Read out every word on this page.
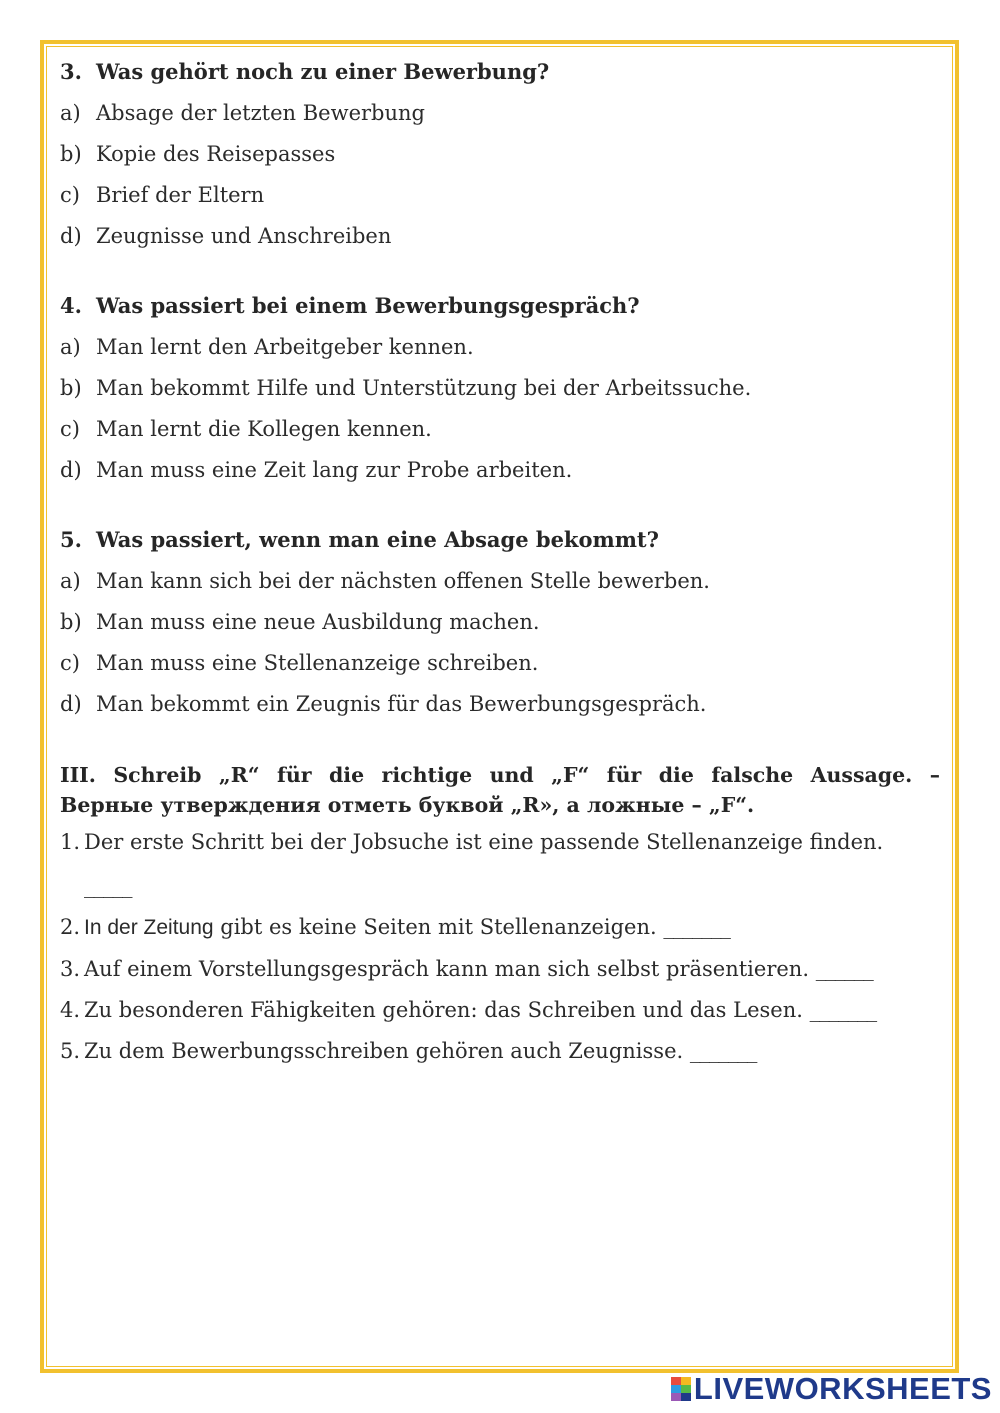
3. Was gehört noch zu einer Bewerbung?
a) Absage der letzten Bewerbung
b) Kopie des Reisepasses
c) Brief der Eltern
d) Zeugnisse und Anschreiben
4. Was passiert bei einem Bewerbungsgespräch?
a) Man lernt den Arbeitgeber kennen.
b) Man bekommt Hilfe und Unterstützung bei der Arbeitssuche.
c) Man lernt die Kollegen kennen.
d) Man muss eine Zeit lang zur Probe arbeiten.
5. Was passiert, wenn man eine Absage bekommt?
a) Man kann sich bei der nächsten offenen Stelle bewerben.
b) Man muss eine neue Ausbildung machen.
c) Man muss eine Stellenanzeige schreiben.
d) Man bekommt ein Zeugnis für das Bewerbungsgespräch.
III. Schreib „R“ für die richtige und „F“ für die falsche Aussage. –
Верные утверждения отметь буквой „R», а ложные – „F“.
1. Der erste Schritt bei der Jobsuche ist eine passende Stellenanzeige finden.
_____
2. In der Zeitung gibt es keine Seiten mit Stellenanzeigen. _______
3. Auf einem Vorstellungsgespräch kann man sich selbst präsentieren. ______
4. Zu besonderen Fähigkeiten gehören: das Schreiben und das Lesen. _______
5. Zu dem Bewerbungsschreiben gehören auch Zeugnisse. _______
LIVEWORKSHEETS
